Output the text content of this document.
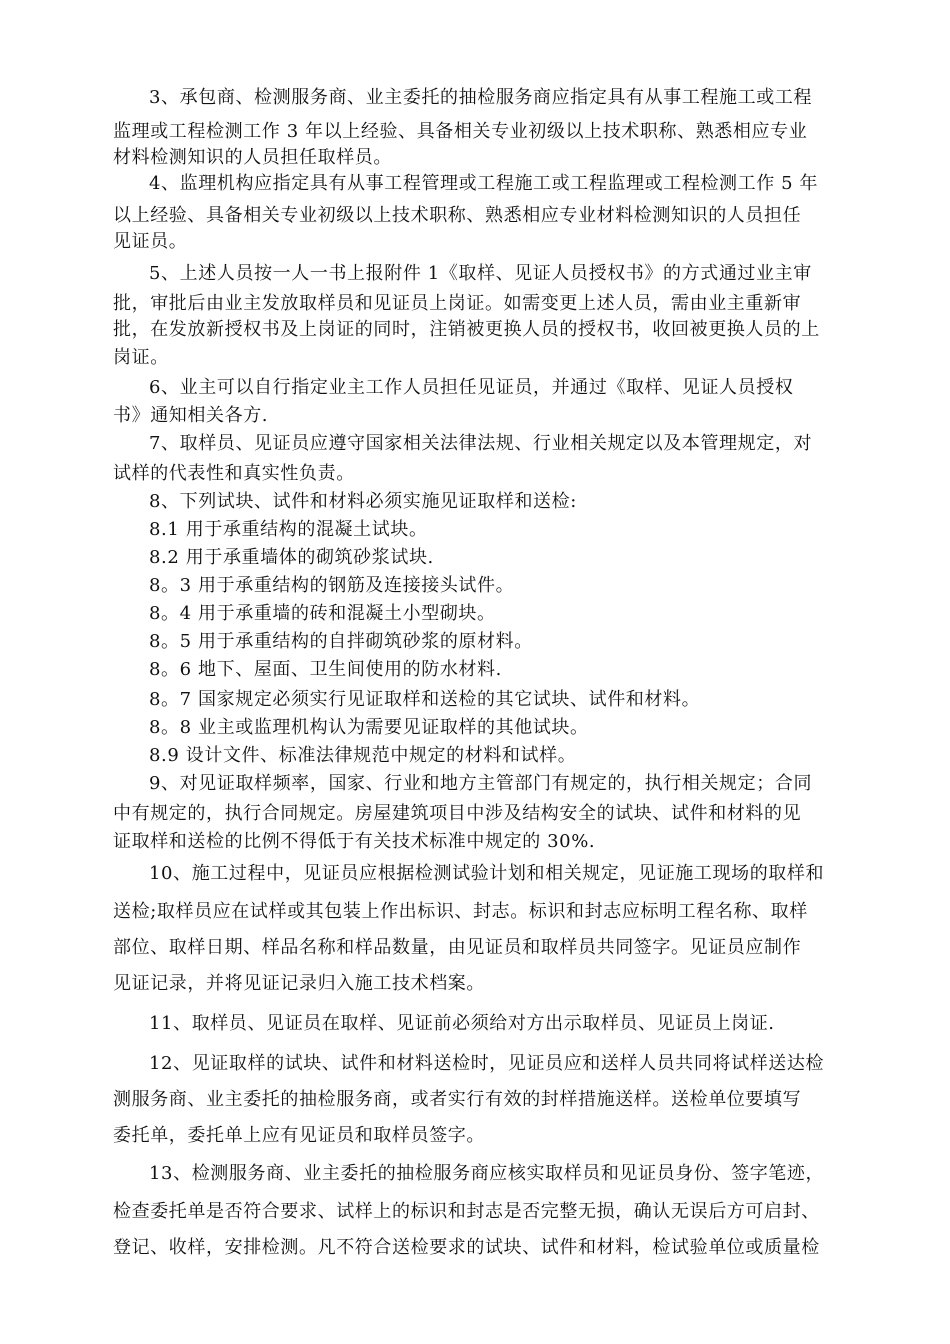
3、承包商、检测服务商、业主委托的抽检服务商应指定具有从事工程施工或工程
监理或工程检测工作 3 年以上经验、具备相关专业初级以上技术职称、熟悉相应专业
材料检测知识的人员担任取样员。
4、监理机构应指定具有从事工程管理或工程施工或工程监理或工程检测工作 5 年
以上经验、具备相关专业初级以上技术职称、熟悉相应专业材料检测知识的人员担任
见证员。
5、上述人员按一人一书上报附件 1《取样、见证人员授权书》的方式通过业主审
批，审批后由业主发放取样员和见证员上岗证。如需变更上述人员，需由业主重新审
批，在发放新授权书及上岗证的同时，注销被更换人员的授权书，收回被更换人员的上
岗证。
6、业主可以自行指定业主工作人员担任见证员，并通过《取样、见证人员授权
书》通知相关各方.
7、取样员、见证员应遵守国家相关法律法规、行业相关规定以及本管理规定，对
试样的代表性和真实性负责。
8、下列试块、试件和材料必须实施见证取样和送检:
8.1 用于承重结构的混凝土试块。
8.2 用于承重墙体的砌筑砂浆试块.
8。3 用于承重结构的钢筋及连接接头试件。
8。4 用于承重墙的砖和混凝土小型砌块。
8。5 用于承重结构的自拌砌筑砂浆的原材料。
8。6 地下、屋面、卫生间使用的防水材料.
8。7 国家规定必须实行见证取样和送检的其它试块、试件和材料。
8。8 业主或监理机构认为需要见证取样的其他试块。
8.9 设计文件、标准法律规范中规定的材料和试样。
9、对见证取样频率，国家、行业和地方主管部门有规定的，执行相关规定；合同
中有规定的，执行合同规定。房屋建筑项目中涉及结构安全的试块、试件和材料的见
证取样和送检的比例不得低于有关技术标准中规定的 30%.
10、施工过程中，见证员应根据检测试验计划和相关规定，见证施工现场的取样和
送检;取样员应在试样或其包装上作出标识、封志。标识和封志应标明工程名称、取样
部位、取样日期、样品名称和样品数量，由见证员和取样员共同签字。见证员应制作
见证记录，并将见证记录归入施工技术档案。
11、取样员、见证员在取样、见证前必须给对方出示取样员、见证员上岗证.
12、见证取样的试块、试件和材料送检时，见证员应和送样人员共同将试样送达检
测服务商、业主委托的抽检服务商，或者实行有效的封样措施送样。送检单位要填写
委托单，委托单上应有见证员和取样员签字。
13、检测服务商、业主委托的抽检服务商应核实取样员和见证员身份、签字笔迹，
检查委托单是否符合要求、试样上的标识和封志是否完整无损，确认无误后方可启封、
登记、收样，安排检测。凡不符合送检要求的试块、试件和材料，检试验单位或质量检
